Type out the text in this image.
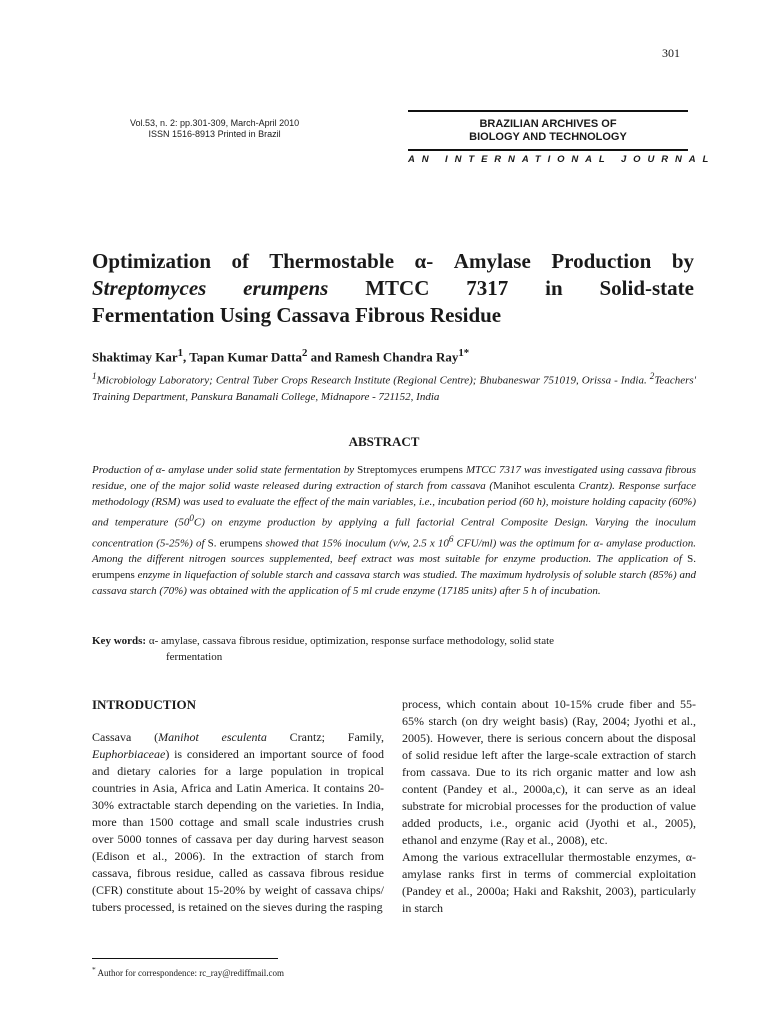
301
Vol.53, n. 2: pp.301-309, March-April 2010
ISSN 1516-8913 Printed in Brazil
BRAZILIAN ARCHIVES OF
BIOLOGY AND TECHNOLOGY
AN INTERNATIONAL JOURNAL
Optimization of Thermostable α- Amylase Production by
Streptomyces erumpens MTCC 7317 in Solid-state
Fermentation Using Cassava Fibrous Residue
Shaktimay Kar$^1$, Tapan Kumar Datta$^2$ and Ramesh Chandra Ray$^{1*}$
$^1$Microbiology Laboratory; Central Tuber Crops Research Institute (Regional Centre); Bhubaneswar 751019, Orissa - India. $^2$Teachers' Training Department, Panskura Banamali College, Midnapore - 721152, India
ABSTRACT
Production of α- amylase under solid state fermentation by Streptomyces erumpens MTCC 7317 was investigated using cassava fibrous residue, one of the major solid waste released during extraction of starch from cassava (Manihot esculenta Crantz). Response surface methodology (RSM) was used to evaluate the effect of the main variables, i.e., incubation period (60 h), moisture holding capacity (60%) and temperature $(50^0C)$ on enzyme production by applying a full factorial Central Composite Design. Varying the inoculum concentration (5-25%) of S. erumpens showed that 15% inoculum (v/w, 2.5 x $10^6$ CFU/ml) was the optimum for α- amylase production. Among the different nitrogen sources supplemented, beef extract was most suitable for enzyme production. The application of S. erumpens enzyme in liquefaction of soluble starch and cassava starch was studied. The maximum hydrolysis of soluble starch (85%) and cassava starch (70%) was obtained with the application of 5 ml crude enzyme (17185 units) after 5 h of incubation.
Key words: α- amylase, cassava fibrous residue, optimization, response surface methodology, solid state
fermentation
INTRODUCTION
Cassava (Manihot esculenta Crantz; Family, Euphorbiaceae) is considered an important source of food and dietary calories for a large population in tropical countries in Asia, Africa and Latin America. It contains 20-30% extractable starch depending on the varieties. In India, more than 1500 cottage and small scale industries crush over 5000 tonnes of cassava per day during harvest season (Edison et al., 2006). In the extraction of starch from cassava, fibrous residue, called as cassava fibrous residue (CFR) constitute about 15-20% by weight of cassava chips/ tubers processed, is retained on the sieves during the rasping
process, which contain about 10-15% crude fiber and 55-65% starch (on dry weight basis) (Ray, 2004; Jyothi et al., 2005). However, there is serious concern about the disposal of solid residue left after the large-scale extraction of starch from cassava. Due to its rich organic matter and low ash content (Pandey et al., 2000a,c), it can serve as an ideal substrate for microbial processes for the production of value added products, i.e., organic acid (Jyothi et al., 2005), ethanol and enzyme (Ray et al., 2008), etc.
Among the various extracellular thermostable enzymes, α- amylase ranks first in terms of commercial exploitation (Pandey et al., 2000a; Haki and Rakshit, 2003), particularly in starch
* Author for correspondence: rc_ray@rediffmail.com
